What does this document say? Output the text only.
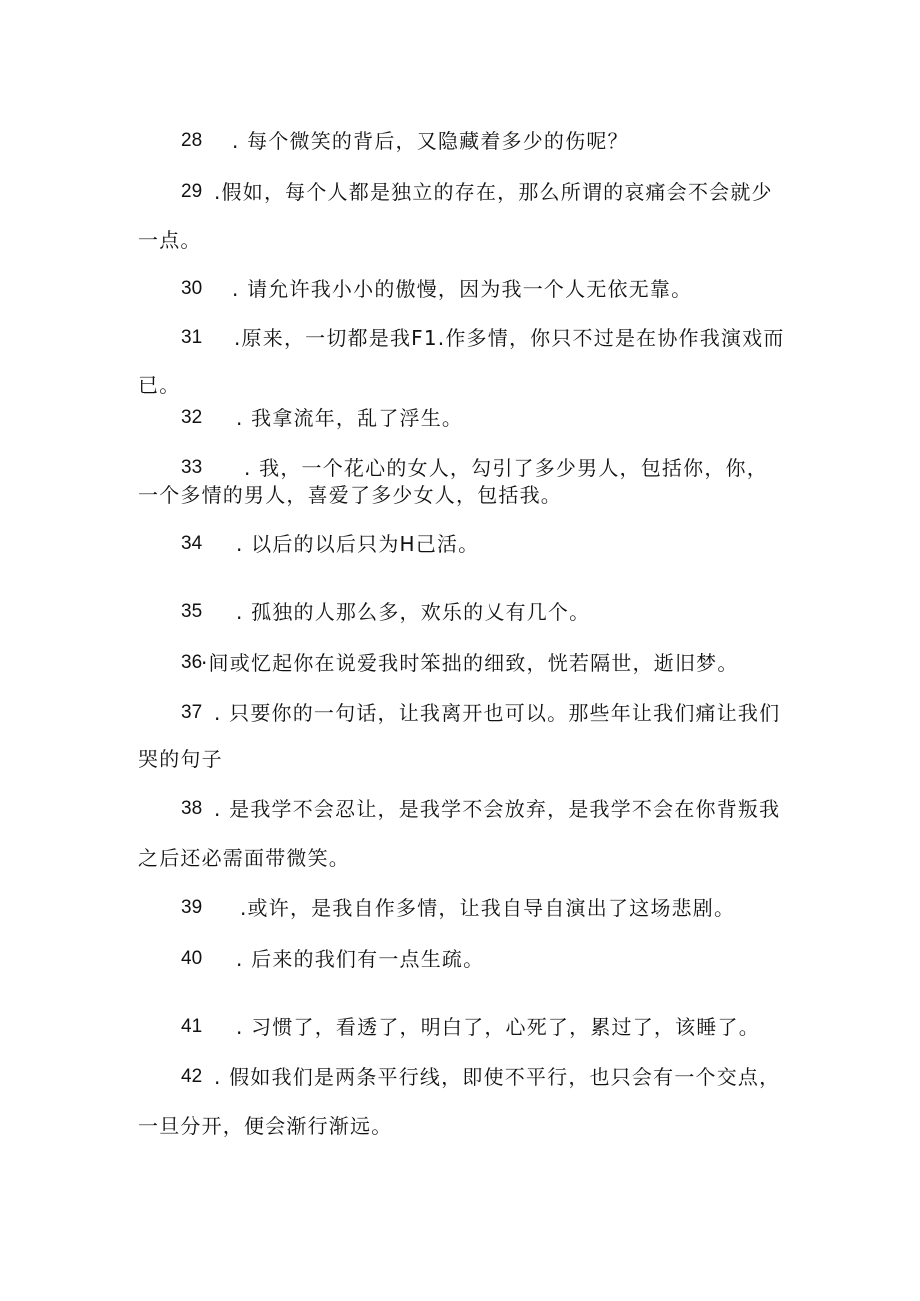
28 . 每个微笑的背后，又隐藏着多少的伤呢？
29 .假如，每个人都是独立的存在，那么所谓的哀痛会不会就少
一点。
30 . 请允许我小小的傲慢，因为我一个人无依无靠。
31 .原来，一切都是我F1.作多情，你只不过是在协作我演戏而
已。
32 . 我拿流年，乱了浮生。
33 . 我，一个花心的女人，勾引了多少男人，包括你，你，
一个多情的男人，喜爱了多少女人，包括我。
34 . 以后的以后只为H己活。
35 . 孤独的人那么多，欢乐的乂有几个。
36
·间或忆起你在说爱我时笨拙的细致，恍若隔世，逝旧梦。
37 . 只要你的一句话，让我离开也可以。那些年让我们痛让我们
哭的句子
38 . 是我学不会忍让，是我学不会放弃，是我学不会在你背叛我
之后还必需面带微笑。
39 .或许，是我自作多情，让我自导自演出了这场悲剧。
40 . 后来的我们有一点生疏。
41 . 习惯了，看透了，明白了，心死了，累过了，该睡了。
42 . 假如我们是两条平行线，即使不平行，也只会有一个交点，
一旦分开，便会渐行渐远。
